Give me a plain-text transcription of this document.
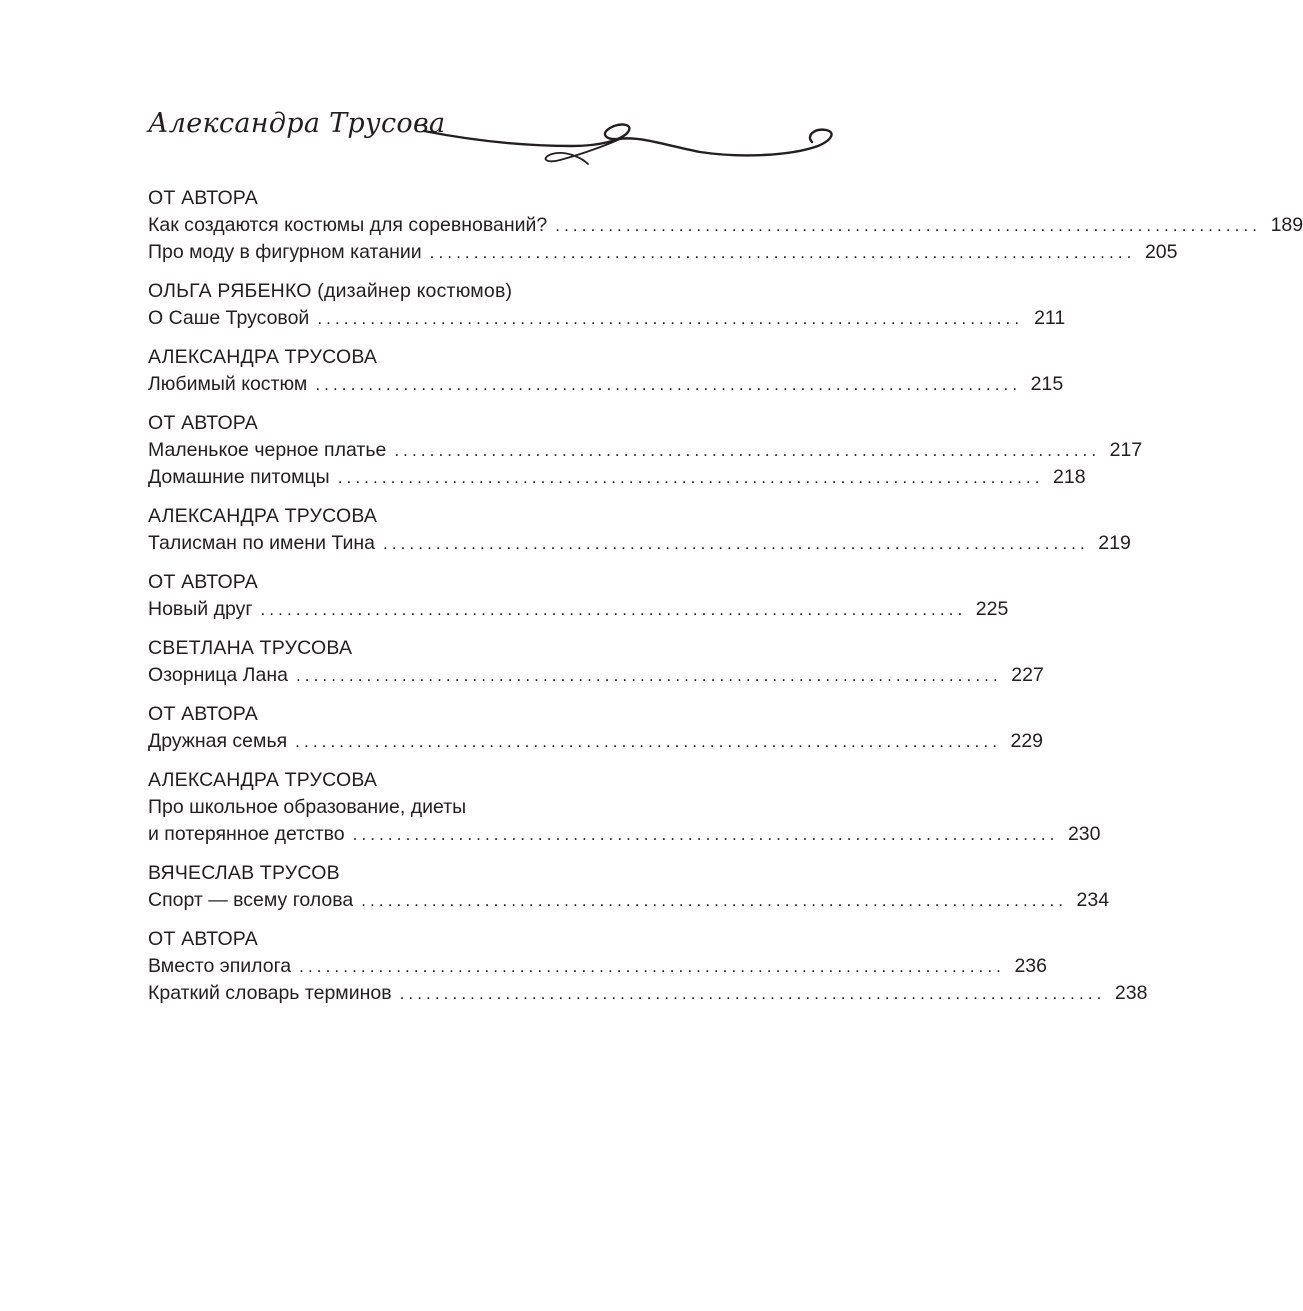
Александра Трусова
ОТ АВТОРА
Как создаются костюмы для соревнований? ................................................................................ 189
Про моду в фигурном катании ................................................................................ 205
ОЛЬГА РЯБЕНКО (дизайнер костюмов)
О Саше Трусовой ................................................................................ 211
АЛЕКСАНДРА ТРУСОВА
Любимый костюм ................................................................................ 215
ОТ АВТОРА
Маленькое черное платье ................................................................................ 217
Домашние питомцы ................................................................................ 218
АЛЕКСАНДРА ТРУСОВА
Талисман по имени Тина ................................................................................ 219
ОТ АВТОРА
Новый друг ................................................................................ 225
СВЕТЛАНА ТРУСОВА
Озорница Лана ................................................................................ 227
ОТ АВТОРА
Дружная семья ................................................................................ 229
АЛЕКСАНДРА ТРУСОВА
Про школьное образование, диеты
и потерянное детство ................................................................................ 230
ВЯЧЕСЛАВ ТРУСОВ
Спорт — всему голова ................................................................................ 234
ОТ АВТОРА
Вместо эпилога ................................................................................ 236
Краткий словарь терминов ................................................................................ 238
